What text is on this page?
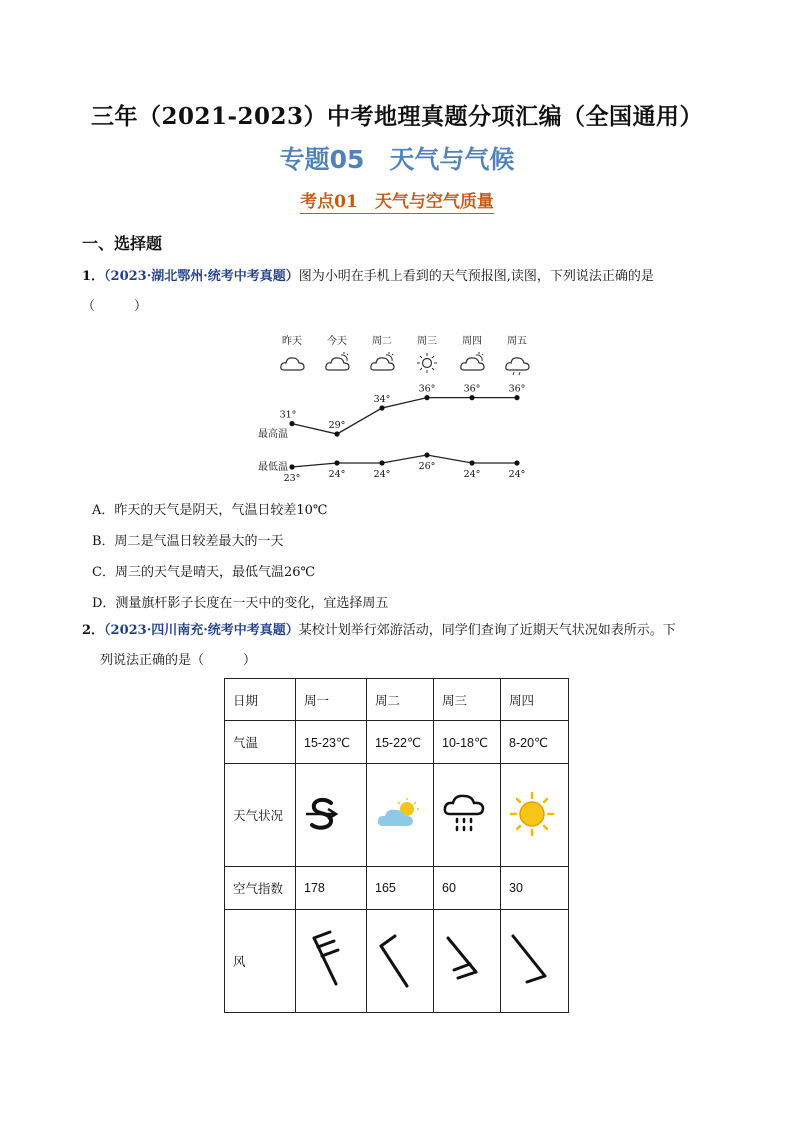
三年（2021-2023）中考地理真题分项汇编（全国通用）
专题05　天气与气候
考点01　天气与空气质量
一、选择题
1．（2023·湖北鄂州·统考中考真题）图为小明在手机上看到的天气预报图,读图，下列说法正确的是
（　　　）
昨天	今天	周二	周三	周四	周五
31°
29°
34°
36°	36°	36°
23°	24°	24°
26°
24°	24°
最高温
最低温
A．昨天的天气是阴天，气温日较差10℃
B．周二是气温日较差最大的一天
C．周三的天气是晴天，最低气温26℃
D．测量旗杆影子长度在一天中的变化，宜选择周五
2．（2023·四川南充·统考中考真题）某校计划举行郊游活动，同学们查询了近期天气状况如表所示。下
列说法正确的是（　　　）
日期	周一	周二	周三	周四
气温	15-23℃	15-22℃	10-18℃	8-20℃
天气状况				
空气指数	178	165	60	30
风				
